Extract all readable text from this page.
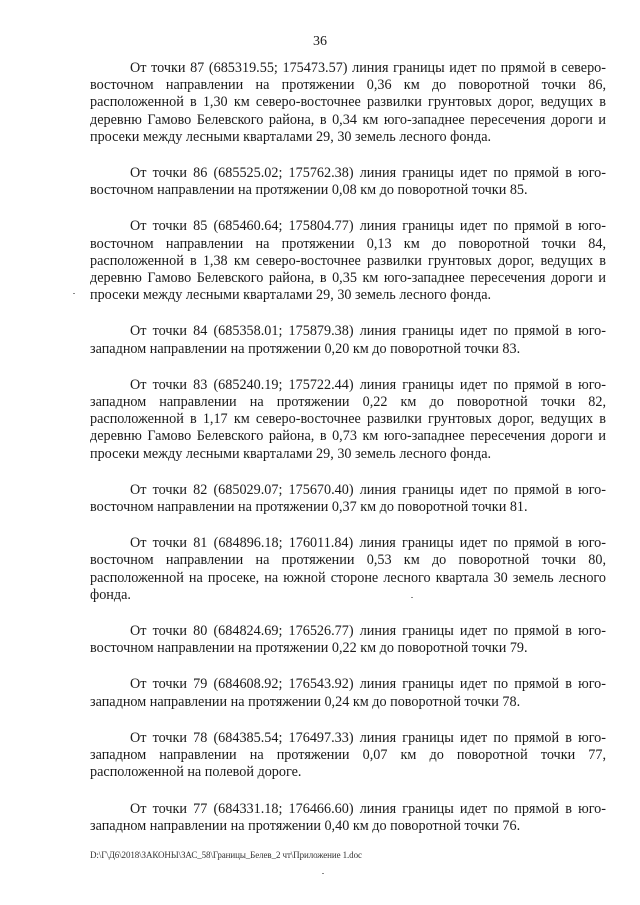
36

От точки 87 (685319.55; 175473.57) линия границы идет по прямой в северо-восточном направлении на протяжении 0,36 км до поворотной точки 86, расположенной в 1,30 км северо-восточнее развилки грунтовых дорог, ведущих в деревню Гамово Белевского района, в 0,34 км юго-западнее пересечения дороги и просеки между лесными кварталами 29, 30 земель лесного фонда.

От точки 86 (685525.02; 175762.38) линия границы идет по прямой в юго-восточном направлении на протяжении 0,08 км до поворотной точки 85.

От точки 85 (685460.64; 175804.77) линия границы идет по прямой в юго-восточном направлении на протяжении 0,13 км до поворотной точки 84, расположенной в 1,38 км северо-восточнее развилки грунтовых дорог, ведущих в деревню Гамово Белевского района, в 0,35 км юго-западнее пересечения дороги и просеки между лесными кварталами 29, 30 земель лесного фонда.

От точки 84 (685358.01; 175879.38) линия границы идет по прямой в юго-западном направлении на протяжении 0,20 км до поворотной точки 83.

От точки 83 (685240.19; 175722.44) линия границы идет по прямой в юго-западном направлении на протяжении 0,22 км до поворотной точки 82, расположенной в 1,17 км северо-восточнее развилки грунтовых дорог, ведущих в деревню Гамово Белевского района, в 0,73 км юго-западнее пересечения дороги и просеки между лесными кварталами 29, 30 земель лесного фонда.

От точки 82 (685029.07; 175670.40) линия границы идет по прямой в юго-восточном направлении на протяжении 0,37 км до поворотной точки 81.

От точки 81 (684896.18; 176011.84) линия границы идет по прямой в юго-восточном направлении на протяжении 0,53 км до поворотной точки 80, расположенной на просеке, на южной стороне лесного квартала 30 земель лесного фонда.

От точки 80 (684824.69; 176526.77) линия границы идет по прямой в юго-восточном направлении на протяжении 0,22 км до поворотной точки 79.

От точки 79 (684608.92; 176543.92) линия границы идет по прямой в юго-западном направлении на протяжении 0,24 км до поворотной точки 78.

От точки 78 (684385.54; 176497.33) линия границы идет по прямой в юго-западном направлении на протяжении 0,07 км до поворотной точки 77, расположенной на полевой дороге.

От точки 77 (684331.18; 176466.60) линия границы идет по прямой в юго-западном направлении на протяжении 0,40 км до поворотной точки 76.

D:\Г\Д6\2018\ЗАКОНЫ\ЗАС_58\Границы_Белев_2 чт\Приложение 1.doc
